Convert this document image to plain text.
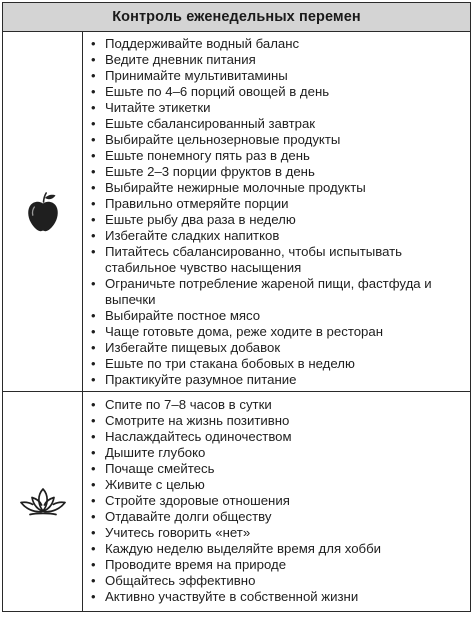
Контроль еженедельных перемен
• Поддерживайте водный баланс
• Ведите дневник питания
• Принимайте мультивитамины
• Ешьте по 4–6 порций овощей в день
• Читайте этикетки
• Ешьте сбалансированный завтрак
• Выбирайте цельнозерновые продукты
• Ешьте понемногу пять раз в день
• Ешьте 2–3 порции фруктов в день
• Выбирайте нежирные молочные продукты
• Правильно отмеряйте порции
• Ешьте рыбу два раза в неделю
• Избегайте сладких напитков
• Питайтесь сбалансированно, чтобы испытывать стабильное чувство насыщения
• Ограничьте потребление жареной пищи, фастфуда и выпечки
• Выбирайте постное мясо
• Чаще готовьте дома, реже ходите в ресторан
• Избегайте пищевых добавок
• Ешьте по три стакана бобовых в неделю
• Практикуйте разумное питание
• Спите по 7–8 часов в сутки
• Смотрите на жизнь позитивно
• Наслаждайтесь одиночеством
• Дышите глубоко
• Почаще смейтесь
• Живите с целью
• Стройте здоровые отношения
• Отдавайте долги обществу
• Учитесь говорить «нет»
• Каждую неделю выделяйте время для хобби
• Проводите время на природе
• Общайтесь эффективно
• Активно участвуйте в собственной жизни
